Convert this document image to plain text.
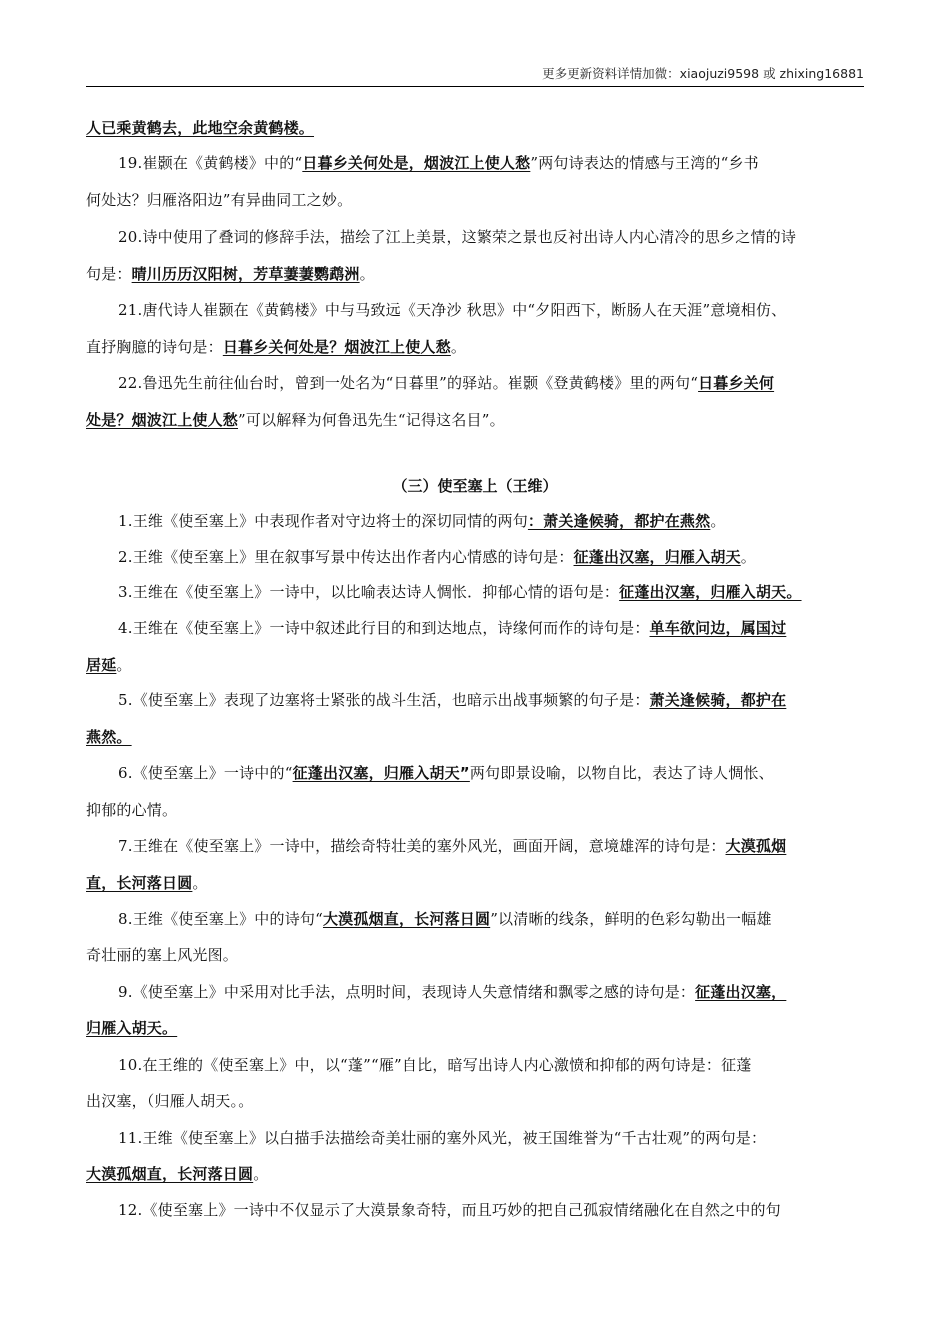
更多更新资料详情加微：xiaojuzi9598 或 zhixing16881
人已乘黄鹤去，此地空余黄鹤楼。
19.崔颢在《黄鹤楼》中的“日暮乡关何处是，烟波江上使人愁”两句诗表达的情感与王湾的“乡书
何处达？归雁洛阳边”有异曲同工之妙。
20.诗中使用了叠词的修辞手法，描绘了江上美景，这繁荣之景也反衬出诗人内心清冷的思乡之情的诗
句是：晴川历历汉阳树，芳草萋萋鹦鹉洲。
21.唐代诗人崔颢在《黄鹤楼》中与马致远《天净沙 秋思》中“夕阳西下，断肠人在天涯”意境相仿、
直抒胸臆的诗句是：日暮乡关何处是？烟波江上使人愁。
22.鲁迅先生前往仙台时，曾到一处名为“日暮里”的驿站。崔颢《登黄鹤楼》里的两句“日暮乡关何
处是？烟波江上使人愁”可以解释为何鲁迅先生“记得这名目”。
（三）使至塞上（王维）
1.王维《使至塞上》中表现作者对守边将士的深切同情的两句：萧关逢候骑，都护在燕然。
2.王维《使至塞上》里在叙事写景中传达出作者内心情感的诗句是：征蓬出汉塞，归雁入胡天。
3.王维在《使至塞上》一诗中，以比喻表达诗人惆怅．抑郁心情的语句是：征蓬出汉塞，归雁入胡天。
4.王维在《使至塞上》一诗中叙述此行目的和到达地点，诗缘何而作的诗句是：单车欲问边，属国过
居延。
5.《使至塞上》表现了边塞将士紧张的战斗生活，也暗示出战事频繁的句子是：萧关逢候骑，都护在
燕然。
6.《使至塞上》一诗中的“征蓬出汉塞，归雁入胡天”两句即景设喻，以物自比，表达了诗人惆怅、
抑郁的心情。
7.王维在《使至塞上》一诗中，描绘奇特壮美的塞外风光，画面开阔，意境雄浑的诗句是：大漠孤烟
直，长河落日圆。
8.王维《使至塞上》中的诗句“大漠孤烟直，长河落日圆”以清晰的线条，鲜明的色彩勾勒出一幅雄
奇壮丽的塞上风光图。
9.《使至塞上》中采用对比手法，点明时间，表现诗人失意情绪和飘零之感的诗句是：征蓬出汉塞，
归雁入胡天。
10.在王维的《使至塞上》中，以“蓬”“雁”自比，暗写出诗人内心激愤和抑郁的两句诗是：征蓬
出汉塞，（归雁人胡天。。
11.王维《使至塞上》以白描手法描绘奇美壮丽的塞外风光，被王国维誉为“千古壮观”的两句是：
大漠孤烟直，长河落日圆。
12.《使至塞上》一诗中不仅显示了大漠景象奇特，而且巧妙的把自己孤寂情绪融化在自然之中的句
